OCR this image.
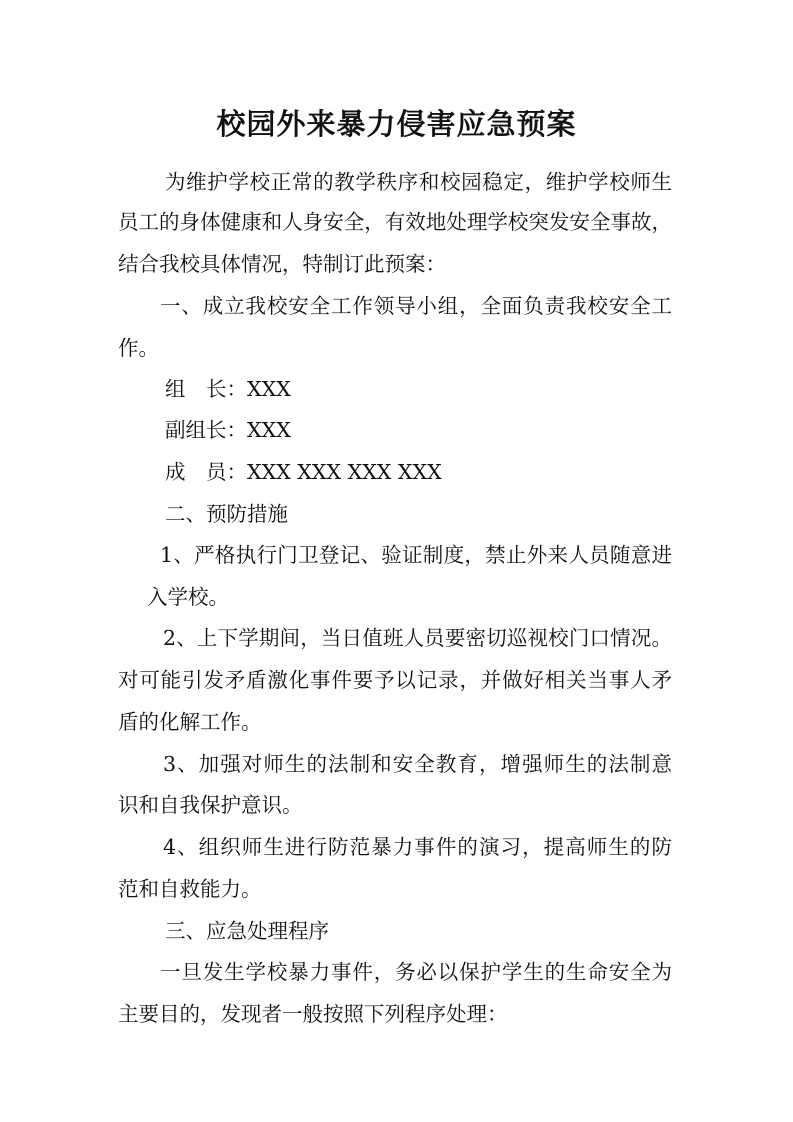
校园外来暴力侵害应急预案
为维护学校正常的教学秩序和校园稳定，维护学校师生
员工的身体健康和人身安全，有效地处理学校突发安全事故，
结合我校具体情况，特制订此预案：
一、成立我校安全工作领导小组，全面负责我校安全工
作。
组　长：XXX
副组长：XXX
成　员：XXX XXX XXX XXX
二、预防措施
1、严格执行门卫登记、验证制度，禁止外来人员随意进
入学校。
2、上下学期间，当日值班人员要密切巡视校门口情况。
对可能引发矛盾激化事件要予以记录，并做好相关当事人矛
盾的化解工作。
3、加强对师生的法制和安全教育，增强师生的法制意
识和自我保护意识。
4、组织师生进行防范暴力事件的演习，提高师生的防
范和自救能力。
三、应急处理程序
一旦发生学校暴力事件，务必以保护学生的生命安全为
主要目的，发现者一般按照下列程序处理：
